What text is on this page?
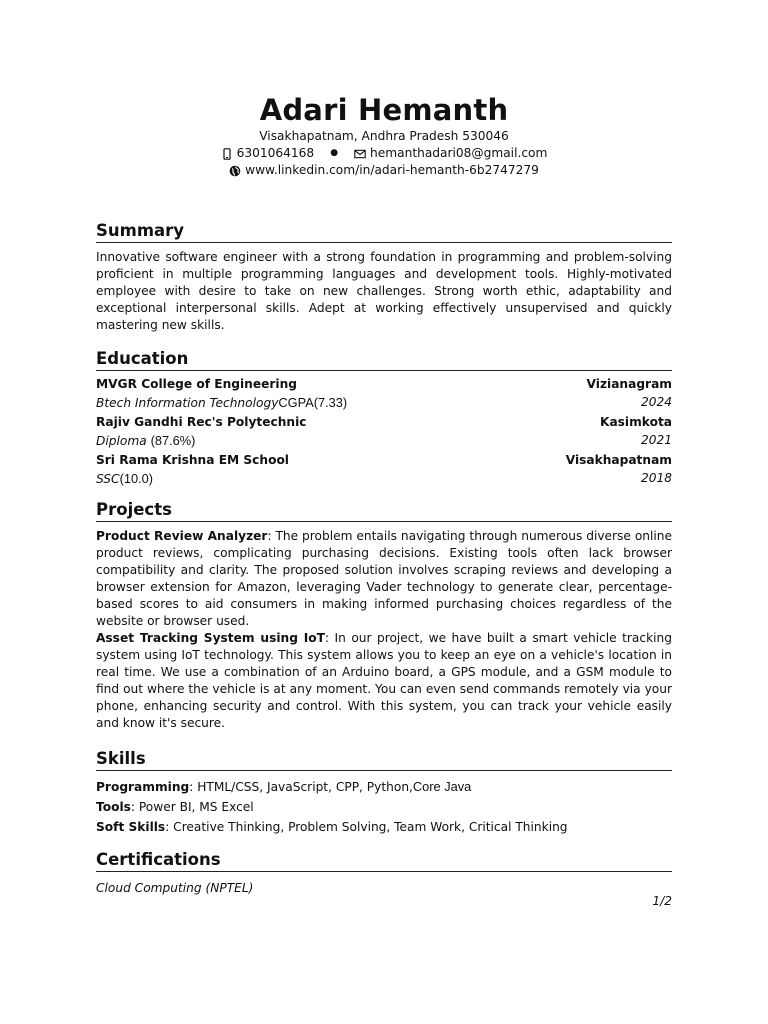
Adari Hemanth
Visakhapatnam, Andhra Pradesh 530046
6301064168 ●	hemanthadari08@gmail.com
www.linkedin.com/in/adari-hemanth-6b2747279
Summary

Innovative software engineer with a strong foundation in programming and problem-solving proficient in multiple programming languages and development tools. Highly-motivated employee with desire to take on new challenges. Strong worth ethic, adaptability and exceptional interpersonal skills. Adept at working effectively unsupervised and quickly mastering new skills.

Education
MVGR College of Engineering	Vizianagram
Btech Information TechnologyCGPA(7.33)	2024
Rajiv Gandhi Rec's Polytechnic	Kasimkota
Diploma (87.6%)	2021
Sri Rama Krishna EM School	Visakhapatnam
SSC(10.0)	2018
Projects

Product Review Analyzer: The problem entails navigating through numerous diverse online product reviews, complicating purchasing decisions. Existing tools often lack browser compatibility and clarity. The proposed solution involves scraping reviews and developing a browser extension for Amazon, leveraging Vader technology to generate clear, percentage-based scores to aid consumers in making informed purchasing choices regardless of the website or browser used.

Asset Tracking System using IoT: In our project, we have built a smart vehicle tracking system using IoT technology. This system allows you to keep an eye on a vehicle's location in real time. We use a combination of an Arduino board, a GPS module, and a GSM module to find out where the vehicle is at any moment. You can even send commands remotely via your phone, enhancing security and control. With this system, you can track your vehicle easily and know it's secure.

Skills

Programming: HTML/CSS, JavaScript, CPP, Python,Core Java

Tools: Power BI, MS Excel

Soft Skills: Creative Thinking, Problem Solving, Team Work, Critical Thinking

Certifications

Cloud Computing (NPTEL)

1/2
